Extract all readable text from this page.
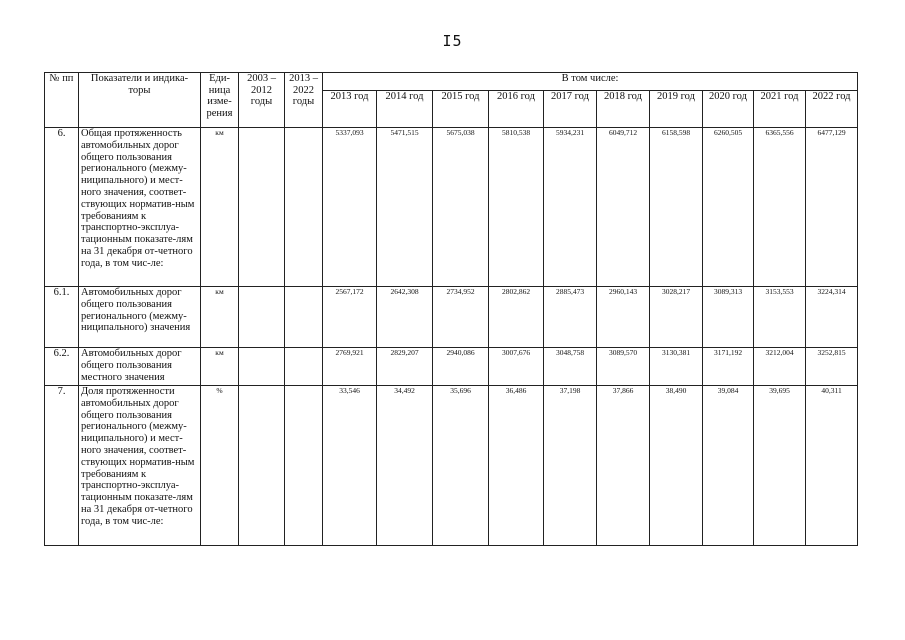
I5
№ пп	Показатели и индика-торы	Еди-ница изме-рения	2003 – 2012 годы	2013 – 2022 годы	В том числе:									
					2013 год	2014 год	2015 год	2016 год	2017 год	2018 год	2019 год	2020 год	2021 год	2022 год
6.	Общая протяженность автомобильных дорог общего пользования регионального (межму-ниципального) и мест-ного значения, соответ-ствующих норматив-ным требованиям к транспортно-эксплуа-тационным показате-лям на 31 декабря от-четного года, в том чис-ле:	км			5337,093	5471,515	5675,038	5810,538	5934,231	6049,712	6158,598	6260,505	6365,556	6477,129
6.1.	Автомобильных дорог общего пользования регионального (межму-ниципального) значения	км			2567,172	2642,308	2734,952	2802,862	2885,473	2960,143	3028,217	3089,313	3153,553	3224,314
6.2.	Автомобильных дорог общего пользования местного значения	км			2769,921	2829,207	2940,086	3007,676	3048,758	3089,570	3130,381	3171,192	3212,004	3252,815
7.	Доля протяженности автомобильных дорог общего пользования регионального (межму-ниципального) и мест-ного значения, соответ-ствующих норматив-ным требованиям к транспортно-эксплуа-тационным показате-лям на 31 декабря от-четного года, в том чис-ле:	%			33,546	34,492	35,696	36,486	37,198	37,866	38,490	39,084	39,695	40,311
